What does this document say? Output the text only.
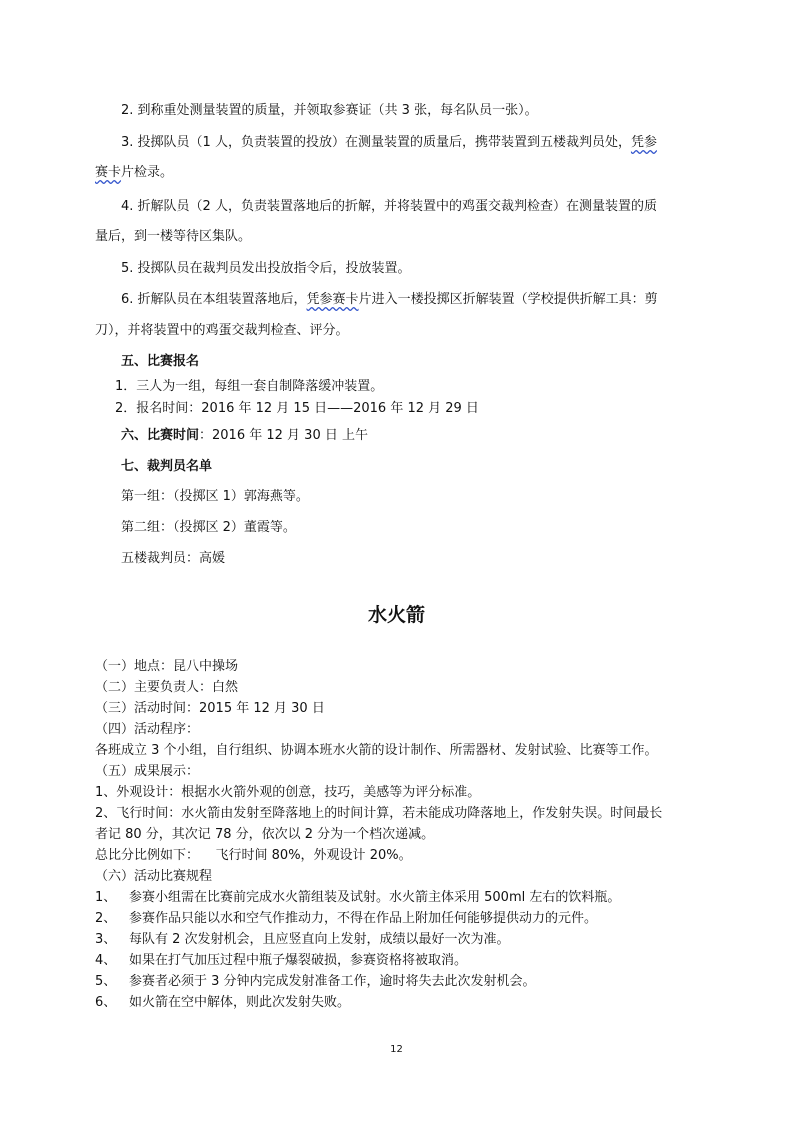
2. 到称重处测量装置的质量，并领取参赛证（共 3 张，每名队员一张）。
3. 投掷队员（1 人，负责装置的投放）在测量装置的质量后，携带装置到五楼裁判员处，凭参
赛卡片检录。
4. 折解队员（2 人，负责装置落地后的折解，并将装置中的鸡蛋交裁判检查）在测量装置的质
量后，到一楼等待区集队。
5. 投掷队员在裁判员发出投放指令后，投放装置。
6. 折解队员在本组装置落地后，凭参赛卡片进入一楼投掷区折解装置（学校提供折解工具：剪
刀），并将装置中的鸡蛋交裁判检查、评分。
五、比赛报名
1．三人为一组，每组一套自制降落缓冲装置。
2．报名时间：2016 年 12 月 15 日——2016 年 12 月 29 日
六、比赛时间：2016 年 12 月 30 日 上午
七、裁判员名单
第一组：（投掷区 1）郭海燕等。
第二组：（投掷区 2）董霞等。
五楼裁判员：高媛
水火箭
（一）地点：昆八中操场
（二）主要负责人：白然
（三）活动时间：2015 年 12 月 30 日
（四）活动程序：
各班成立 3 个小组，自行组织、协调本班水火箭的设计制作、所需器材、发射试验、比赛等工作。
（五）成果展示：
1、外观设计：根据水火箭外观的创意，技巧，美感等为评分标准。
2、飞行时间：水火箭由发射至降落地上的时间计算，若未能成功降落地上，作发射失误。时间最长
者记 80 分，其次记 78 分，依次以 2 分为一个档次递减。
总比分比例如下：    飞行时间 80%，外观设计 20%。
（六）活动比赛规程
1、 参赛小组需在比赛前完成水火箭组装及试射。水火箭主体采用 500ml 左右的饮料瓶。
2、 参赛作品只能以水和空气作推动力，不得在作品上附加任何能够提供动力的元件。
3、 每队有 2 次发射机会，且应竖直向上发射，成绩以最好一次为准。
4、 如果在打气加压过程中瓶子爆裂破损，参赛资格将被取消。
5、 参赛者必须于 3 分钟内完成发射准备工作，逾时将失去此次发射机会。
6、 如火箭在空中解体，则此次发射失败。
12
